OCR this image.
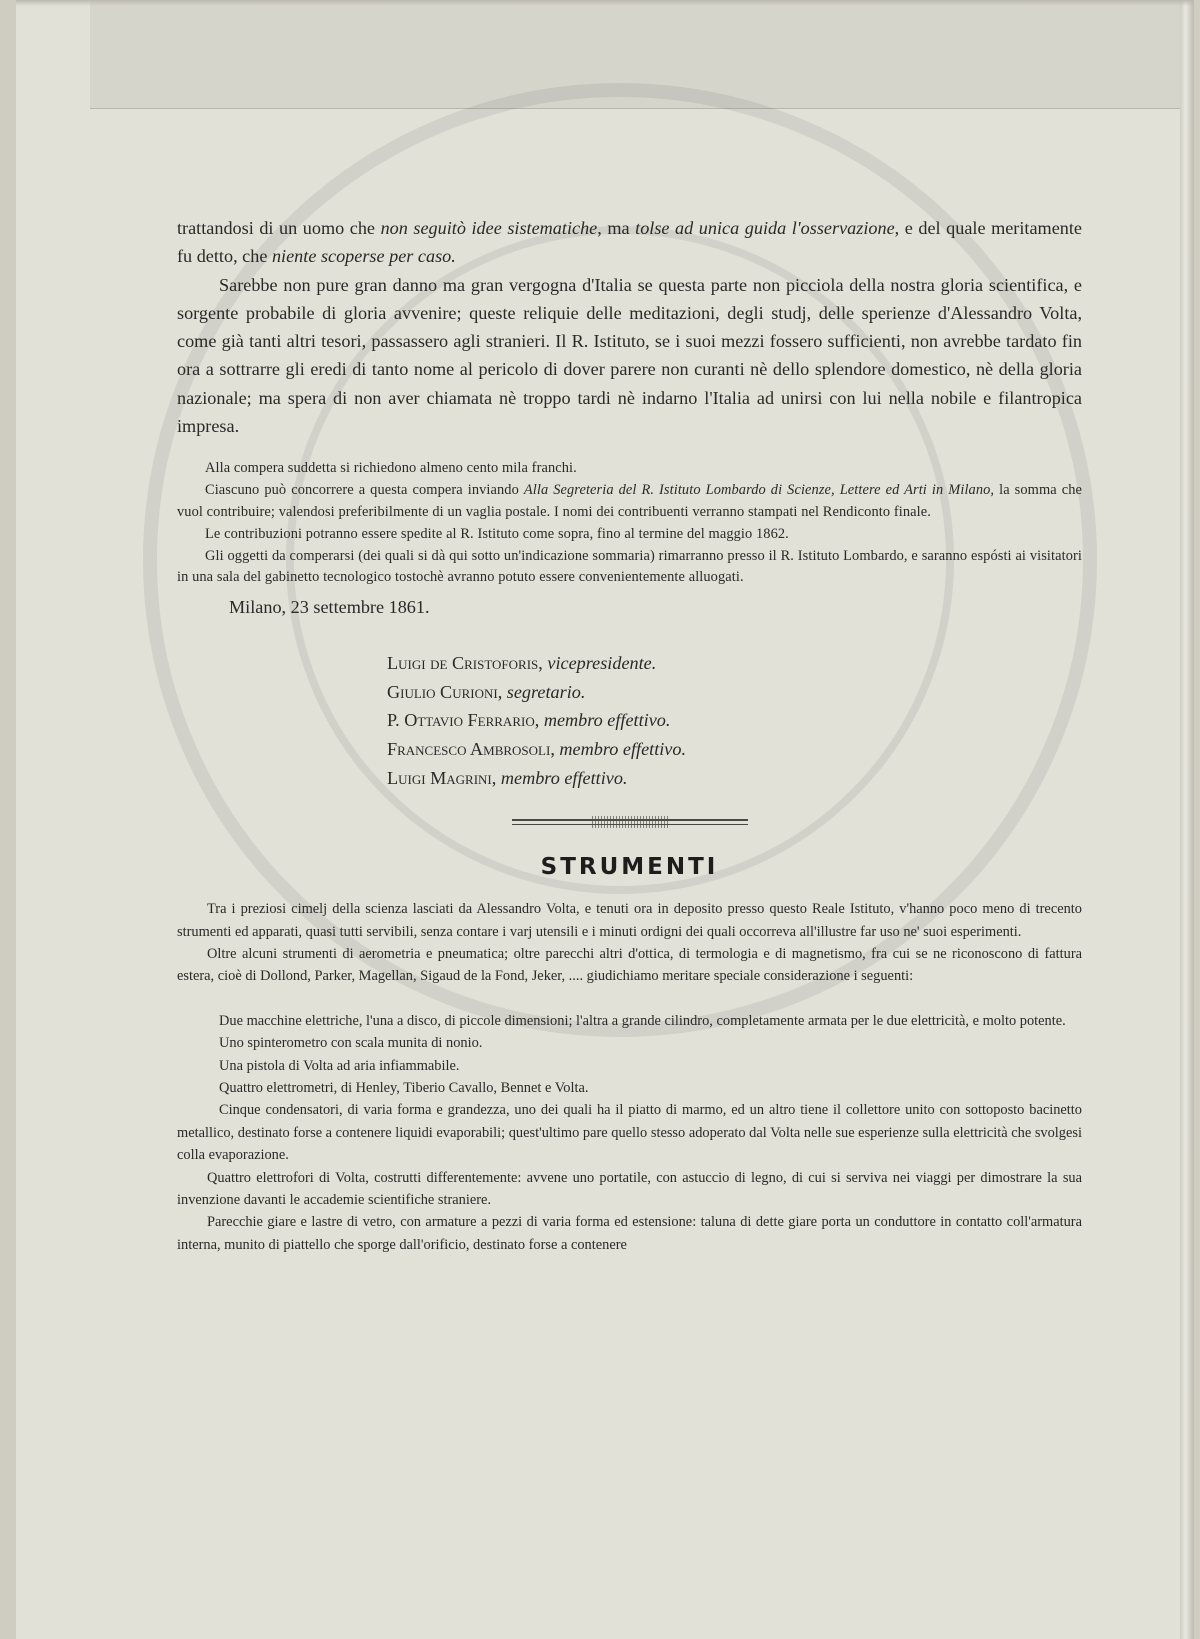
trattandosi di un uomo che non seguitò idee sistematiche, ma tolse ad unica guida l'osservazione, e del quale meritamente fu detto, che niente scoperse per caso.

Sarebbe non pure gran danno ma gran vergogna d'Italia se questa parte non picciola della nostra gloria scientifica, e sorgente probabile di gloria avvenire; queste reliquie delle meditazioni, degli studj, delle sperienze d'Alessandro Volta, come già tanti altri tesori, passassero agli stranieri. Il R. Istituto, se i suoi mezzi fossero sufficienti, non avrebbe tardato fin ora a sottrarre gli eredi di tanto nome al pericolo di dover parere non curanti nè dello splendore domestico, nè della gloria nazionale; ma spera di non aver chiamata nè troppo tardi nè indarno l'Italia ad unirsi con lui nella nobile e filantropica impresa.

Alla compera suddetta si richiedono almeno cento mila franchi.

Ciascuno può concorrere a questa compera inviando Alla Segreteria del R. Istituto Lombardo di Scienze, Lettere ed Arti in Milano, la somma che vuol contribuire; valendosi preferibilmente di un vaglia postale. I nomi dei contribuenti verranno stampati nel Rendiconto finale.

Le contribuzioni potranno essere spedite al R. Istituto come sopra, fino al termine del maggio 1862.

Gli oggetti da comperarsi (dei quali si dà qui sotto un'indicazione sommaria) rimarranno presso il R. Istituto Lombardo, e saranno espósti ai visitatori in una sala del gabinetto tecnologico tostochè avranno potuto essere convenientemente alluogati.

Milano, 23 settembre 1861.
Luigi de Cristoforis, vicepresidente.
Giulio Curioni, segretario.
P. Ottavio Ferrario, membro effettivo.
Francesco Ambrosoli, membro effettivo.
Luigi Magrini, membro effettivo.
STRUMENTI

Tra i preziosi cimelj della scienza lasciati da Alessandro Volta, e tenuti ora in deposito presso questo Reale Istituto, v'hanno poco meno di trecento strumenti ed apparati, quasi tutti servibili, senza contare i varj utensili e i minuti ordigni dei quali occorreva all'illustre far uso ne' suoi esperimenti.

Oltre alcuni strumenti di aerometria e pneumatica; oltre parecchi altri d'ottica, di termologia e di magnetismo, fra cui se ne riconoscono di fattura estera, cioè di Dollond, Parker, Magellan, Sigaud de la Fond, Jeker, .... giudichiamo meritare speciale considerazione i seguenti:

Due macchine elettriche, l'una a disco, di piccole dimensioni; l'altra a grande cilindro, completamente armata per le due elettricità, e molto potente.

Uno spinterometro con scala munita di nonio.

Una pistola di Volta ad aria infiammabile.

Quattro elettrometri, di Henley, Tiberio Cavallo, Bennet e Volta.

Cinque condensatori, di varia forma e grandezza, uno dei quali ha il piatto di marmo, ed un altro tiene il collettore unito con sottoposto bacinetto metallico, destinato forse a contenere liquidi evaporabili; quest'ultimo pare quello stesso adoperato dal Volta nelle sue esperienze sulla elettricità che svolgesi colla evaporazione.

Quattro elettrofori di Volta, costrutti differentemente: avvene uno portatile, con astuccio di legno, di cui si serviva nei viaggi per dimostrare la sua invenzione davanti le accademie scientifiche straniere.

Parecchie giare e lastre di vetro, con armature a pezzi di varia forma ed estensione: taluna di dette giare porta un conduttore in contatto coll'armatura interna, munito di piattello che sporge dall'orificio, destinato forse a contenere
